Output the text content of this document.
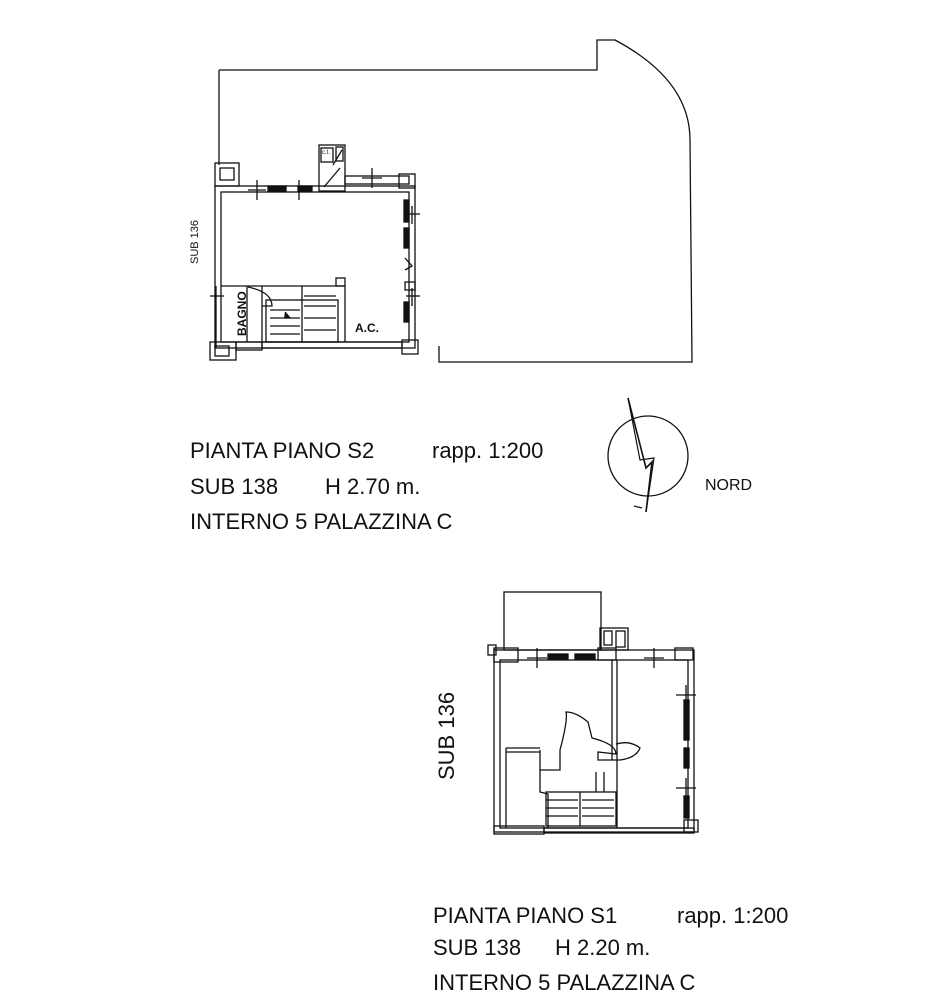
SUB 136
BAGNO	A.C.
c.t.
SUB 136
NORD
PIANTA PIANO S2	rapp. 1:200
SUB 138 H 2.70 m.
INTERNO 5 PALAZZINA C
PIANTA PIANO S1	rapp. 1:200
SUB 138 H 2.20 m.
INTERNO 5 PALAZZINA C
